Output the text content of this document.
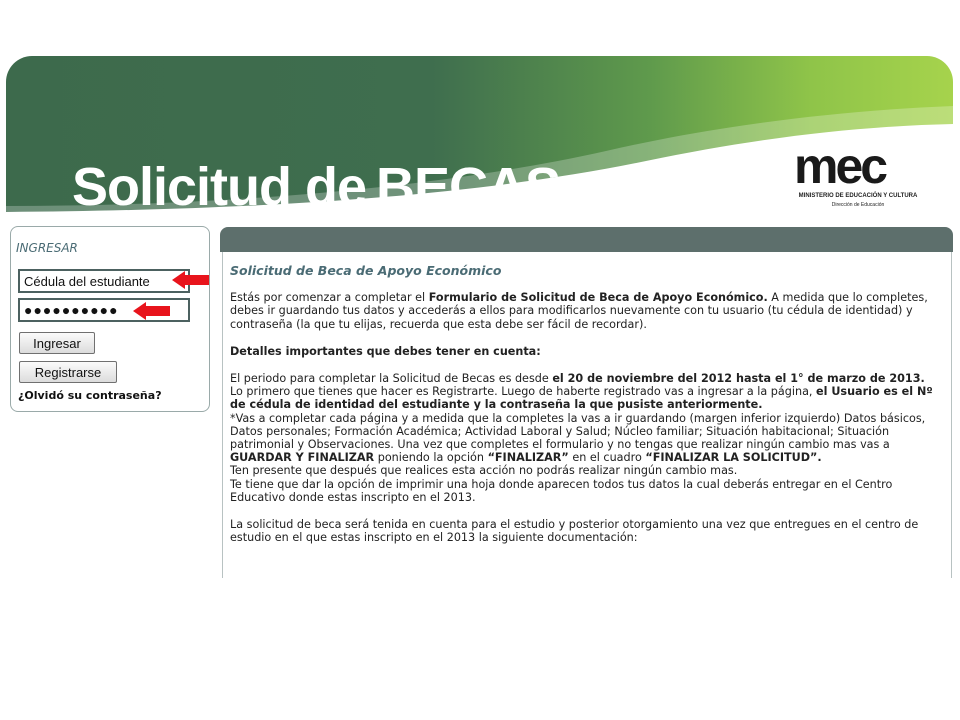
Solicitud de BECAS	mec
MINISTERIO DE EDUCACIÓN Y CULTURA
Dirección de Educación
INGRESAR
Cédula del estudiante
●●●●●●●●●●
Ingresar
Registrarse
¿Olvidó su contraseña?
Solicitud de Beca de Apoyo Económico

Estás por comenzar a completar el Formulario de Solicitud de Beca de Apoyo Económico. A medida que lo completes, debes ir guardando tus datos y accederás a ellos para modificarlos nuevamente con tu usuario (tu cédula de identidad) y contraseña (la que tu elijas, recuerda que esta debe ser fácil de recordar).

Detalles importantes que debes tener en cuenta:

El periodo para completar la Solicitud de Becas es desde el 20 de noviembre del 2012 hasta el 1° de marzo de 2013.
Lo primero que tienes que hacer es Registrarte. Luego de haberte registrado vas a ingresar a la página, el Usuario es el Nº de cédula de identidad del estudiante y la contraseña la que pusiste anteriormente.
*Vas a completar cada página y a medida que la completes la vas a ir guardando (margen inferior izquierdo) Datos básicos, Datos personales; Formación Académica; Actividad Laboral y Salud; Núcleo familiar; Situación habitacional; Situación patrimonial y Observaciones. Una vez que completes el formulario y no tengas que realizar ningún cambio mas vas a GUARDAR Y FINALIZAR poniendo la opción “FINALIZAR” en el cuadro “FINALIZAR LA SOLICITUD”.
Ten presente que después que realices esta acción no podrás realizar ningún cambio mas.
Te tiene que dar la opción de imprimir una hoja donde aparecen todos tus datos la cual deberás entregar en el Centro Educativo donde estas inscripto en el 2013.

La solicitud de beca será tenida en cuenta para el estudio y posterior otorgamiento una vez que entregues en el centro de estudio en el que estas inscripto en el 2013 la siguiente documentación:
